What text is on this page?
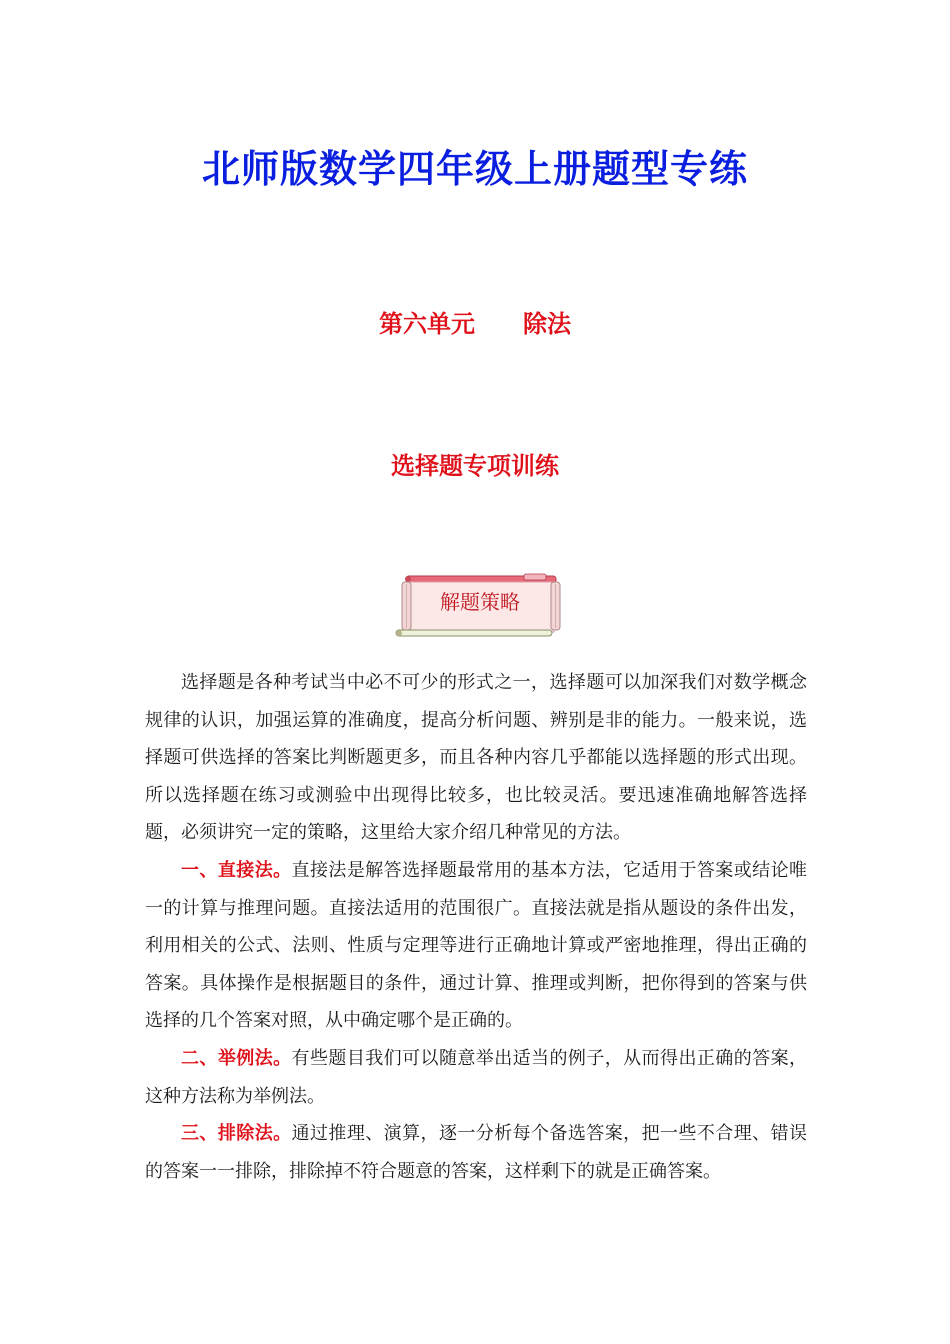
北师版数学四年级上册题型专练
第六单元　　除法
选择题专项训练
解题策略

选择题是各种考试当中必不可少的形式之一，选择题可以加深我们对数学概念规律的认识，加强运算的准确度，提高分析问题、辨别是非的能力。一般来说，选择题可供选择的答案比判断题更多，而且各种内容几乎都能以选择题的形式出现。所以选择题在练习或测验中出现得比较多，也比较灵活。要迅速准确地解答选择题，必须讲究一定的策略，这里给大家介绍几种常见的方法。

一、直接法。直接法是解答选择题最常用的基本方法，它适用于答案或结论唯一的计算与推理问题。直接法适用的范围很广。直接法就是指从题设的条件出发，利用相关的公式、法则、性质与定理等进行正确地计算或严密地推理，得出正确的答案。具体操作是根据题目的条件，通过计算、推理或判断，把你得到的答案与供选择的几个答案对照，从中确定哪个是正确的。

二、举例法。有些题目我们可以随意举出适当的例子，从而得出正确的答案，这种方法称为举例法。

三、排除法。通过推理、演算，逐一分析每个备选答案，把一些不合理、错误的答案一一排除，排除掉不符合题意的答案，这样剩下的就是正确答案。
